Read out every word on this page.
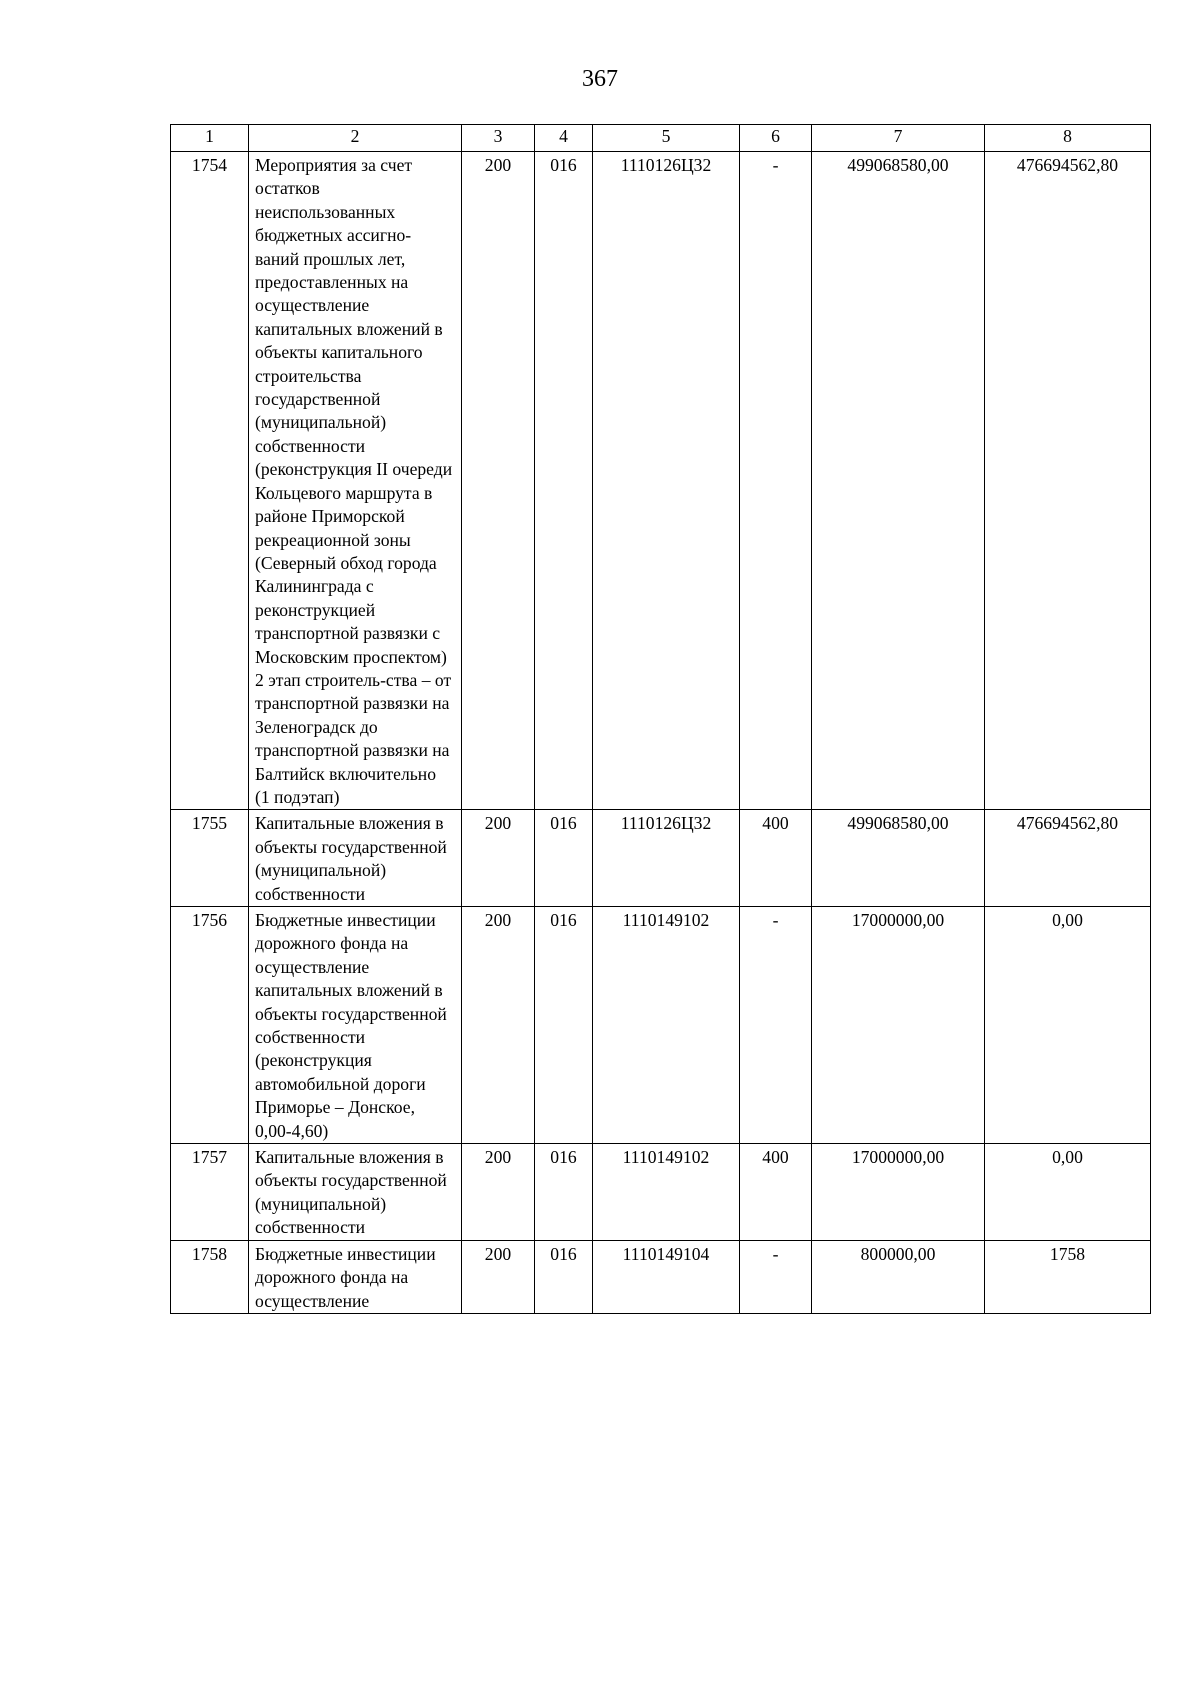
367
1	2	3	4	5	6	7	8
1754	Мероприятия за счет остатков неиспользованных бюджетных ассигно-ваний прошлых лет, предоставленных на осуществление капитальных вложений в объекты капитального строительства государственной (муниципальной) собственности (реконструкция II очереди Кольцевого маршрута в районе Приморской рекреационной зоны (Северный обход города Калининграда с реконструкцией транспортной развязки с Московским проспектом) 2 этап строитель-ства – от транспортной развязки на Зеленоградск до транспортной развязки на Балтийск включительно (1 подэтап)	200	016	1110126Ц32	-	499068580,00	476694562,80
1755	Капитальные вложения в объекты государственной (муниципальной) собственности	200	016	1110126Ц32	400	499068580,00	476694562,80
1756	Бюджетные инвестиции дорожного фонда на осуществление капитальных вложений в объекты государственной собственности (реконструкция автомобильной дороги Приморье – Донское, 0,00-4,60)	200	016	1110149102	-	17000000,00	0,00
1757	Капитальные вложения в объекты государственной (муниципальной) собственности	200	016	1110149102	400	17000000,00	0,00
1758	Бюджетные инвестиции дорожного фонда на осуществление	200	016	1110149104	-	800000,00	1758
